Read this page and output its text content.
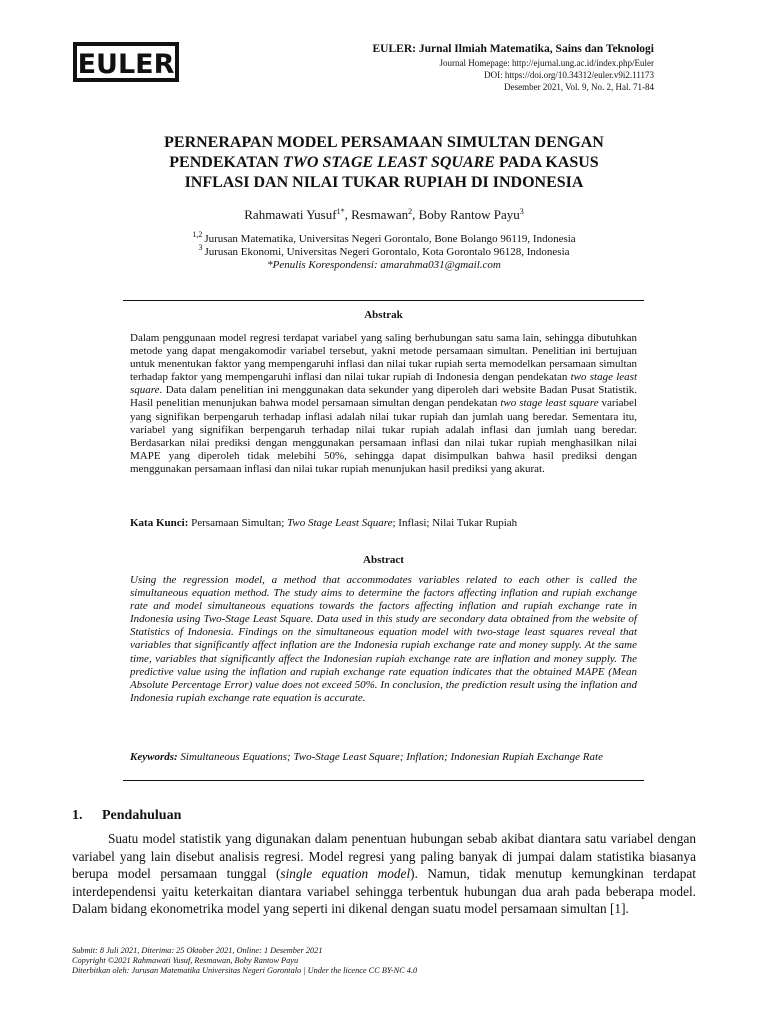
EULER	EULER: Jurnal Ilmiah Matematika, Sains dan Teknologi
Journal Homepage: http://ejurnal.ung.ac.id/index.php/Euler
DOI: https://doi.org/10.34312/euler.v9i2.11173
Desember 2021, Vol. 9, No. 2, Hal. 71-84
PERNERAPAN MODEL PERSAMAAN SIMULTAN DENGAN
PENDEKATAN TWO STAGE LEAST SQUARE PADA KASUS
INFLASI DAN NILAI TUKAR RUPIAH DI INDONESIA
Rahmawati Yusuf$^{1*}$, Resmawan$^2$, Boby Rantow Payu$^3$
$^{1,2}$ Jurusan Matematika, Universitas Negeri Gorontalo, Bone Bolango 96119, Indonesia
$^3$ Jurusan Ekonomi, Universitas Negeri Gorontalo, Kota Gorontalo 96128, Indonesia
*Penulis Korespondensi: amarahma031@gmail.com
Abstrak
Dalam penggunaan model regresi terdapat variabel yang saling berhubungan satu sama lain, sehingga dibutuhkan metode yang dapat mengakomodir variabel tersebut, yakni metode persamaan simultan. Penelitian ini bertujuan untuk menentukan faktor yang mempengaruhi inflasi dan nilai tukar rupiah serta memodelkan persamaan simultan terhadap faktor yang mempengaruhi inflasi dan nilai tukar rupiah di Indonesia dengan pendekatan two stage least square. Data dalam penelitian ini menggunakan data sekunder yang diperoleh dari website Badan Pusat Statistik. Hasil penelitian menunjukan bahwa model persamaan simultan dengan pendekatan two stage least square variabel yang signifikan berpengaruh terhadap inflasi adalah nilai tukar rupiah dan jumlah uang beredar. Sementara itu, variabel yang signifikan berpengaruh terhadap nilai tukar rupiah adalah inflasi dan jumlah uang beredar. Berdasarkan nilai prediksi dengan menggunakan persamaan inflasi dan nilai tukar rupiah menghasilkan nilai MAPE yang diperoleh tidak melebihi 50%, sehingga dapat disimpulkan bahwa hasil prediksi dengan menggunakan persamaan inflasi dan nilai tukar rupiah menunjukan hasil prediksi yang akurat.
Kata Kunci: Persamaan Simultan; Two Stage Least Square; Inflasi; Nilai Tukar Rupiah
Abstract
Using the regression model, a method that accommodates variables related to each other is called the simultaneous equation method. The study aims to determine the factors affecting inflation and rupiah exchange rate and model simultaneous equations towards the factors affecting inflation and rupiah exchange rate in Indonesia using Two-Stage Least Square. Data used in this study are secondary data obtained from the website of Statistics of Indonesia. Findings on the simultaneous equation model with two-stage least squares reveal that variables that significantly affect inflation are the Indonesia rupiah exchange rate and money supply. At the same time, variables that significantly affect the Indonesian rupiah exchange rate are inflation and money supply. The predictive value using the inflation and rupiah exchange rate equation indicates that the obtained MAPE (Mean Absolute Percentage Error) value does not exceed 50%. In conclusion, the prediction result using the inflation and Indonesia rupiah exchange rate equation is accurate.
Keywords: Simultaneous Equations; Two-Stage Least Square; Inflation; Indonesian Rupiah Exchange Rate
1. Pendahuluan
Suatu model statistik yang digunakan dalam penentuan hubungan sebab akibat diantara satu variabel dengan variabel yang lain disebut analisis regresi. Model regresi yang paling banyak di jumpai dalam statistika biasanya berupa model persamaan tunggal (single equation model). Namun, tidak menutup kemungkinan terdapat interdependensi yaitu keterkaitan diantara variabel sehingga terbentuk hubungan dua arah pada beberapa model. Dalam bidang ekonometrika model yang seperti ini dikenal dengan suatu model persamaan simultan [1].
Submit: 8 Juli 2021, Diterima: 25 Oktober 2021, Online: 1 Desember 2021
Copyright ©2021 Rahmawati Yusuf, Resmawan, Boby Rantow Payu
Diterbitkan oleh: Jurusan Matematika Universitas Negeri Gorontalo | Under the licence CC BY-NC 4.0
